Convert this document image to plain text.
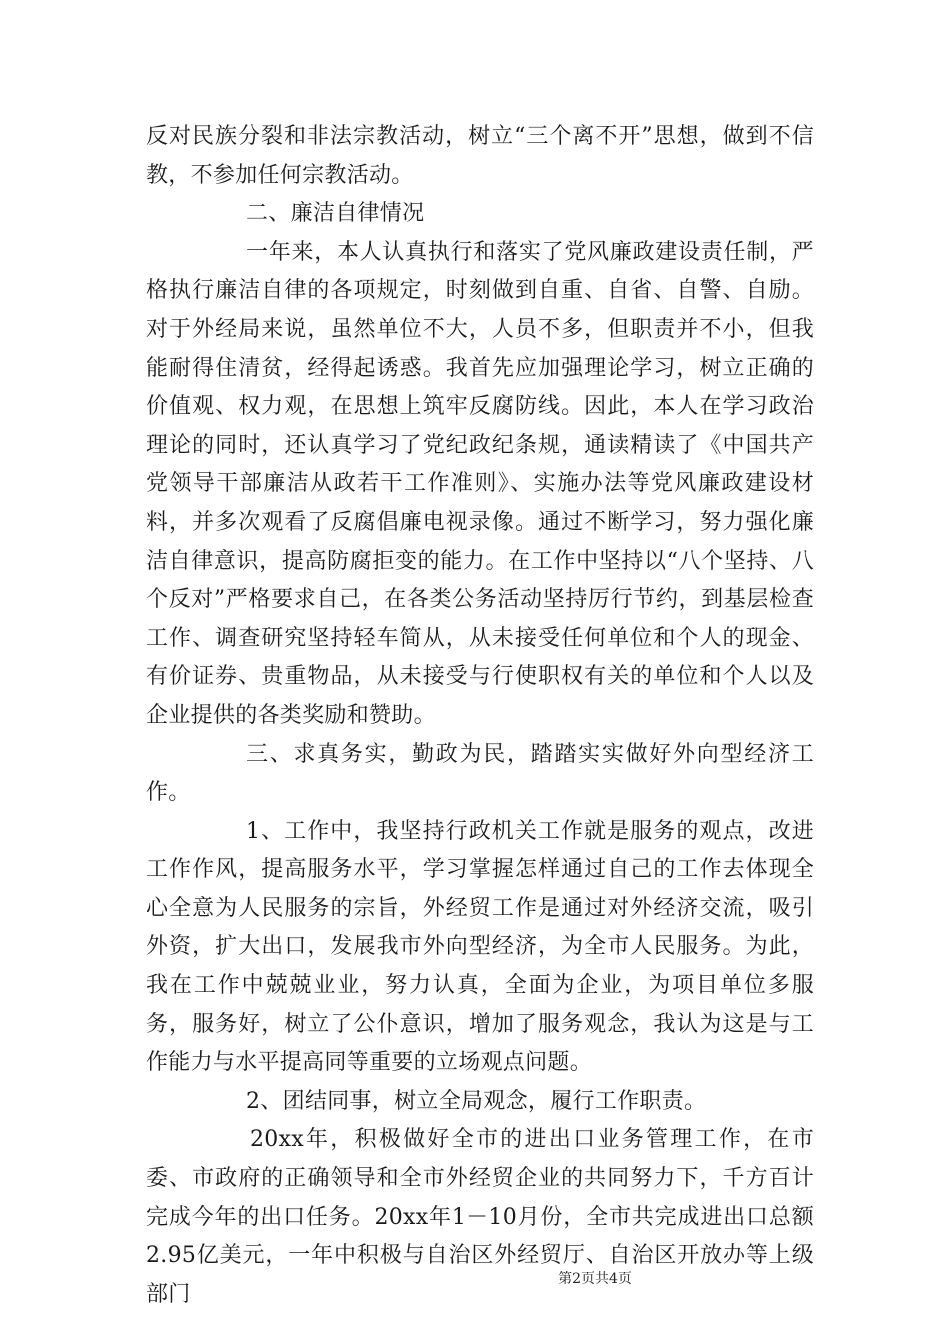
反对民族分裂和非法宗教活动，树立“三个离不开”思想，做到不信教，不参加任何宗教活动。

二、廉洁自律情况

一年来，本人认真执行和落实了党风廉政建设责任制，严格执行廉洁自律的各项规定，时刻做到自重、自省、自警、自励。对于外经局来说，虽然单位不大，人员不多，但职责并不小，但我能耐得住清贫，经得起诱惑。我首先应加强理论学习，树立正确的价值观、权力观，在思想上筑牢反腐防线。因此，本人在学习政治理论的同时，还认真学习了党纪政纪条规，通读精读了《中国共产党领导干部廉洁从政若干工作准则》、实施办法等党风廉政建设材料，并多次观看了反腐倡廉电视录像。通过不断学习，努力强化廉洁自律意识，提高防腐拒变的能力。在工作中坚持以“八个坚持、八个反对”严格要求自己，在各类公务活动坚持厉行节约，到基层检查工作、调查研究坚持轻车简从，从未接受任何单位和个人的现金、有价证券、贵重物品，从未接受与行使职权有关的单位和个人以及企业提供的各类奖励和赞助。

三、求真务实，勤政为民，踏踏实实做好外向型经济工作。

1、工作中，我坚持行政机关工作就是服务的观点，改进工作作风，提高服务水平，学习掌握怎样通过自己的工作去体现全心全意为人民服务的宗旨，外经贸工作是通过对外经济交流，吸引外资，扩大出口，发展我市外向型经济，为全市人民服务。为此，我在工作中兢兢业业，努力认真，全面为企业，为项目单位多服务，服务好，树立了公仆意识，增加了服务观念，我认为这是与工作能力与水平提高同等重要的立场观点问题。

2、团结同事，树立全局观念，履行工作职责。

20xx年，积极做好全市的进出口业务管理工作，在市委、市政府的正确领导和全市外经贸企业的共同努力下，千方百计完成今年的出口任务。20xx年1－10月份，全市共完成进出口总额2.95亿美元，一年中积极与自治区外经贸厅、自治区开放办等上级部门

第2页共4页
